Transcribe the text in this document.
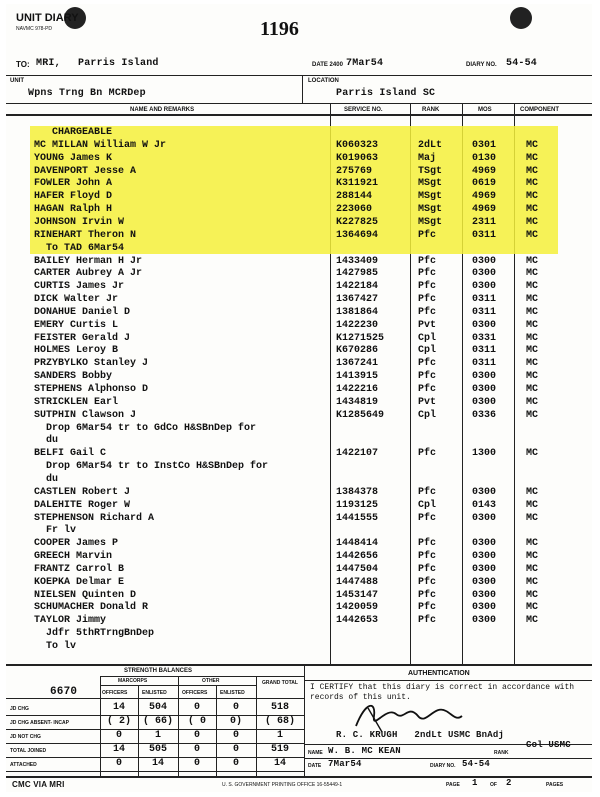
UNIT DIARY
NAVMC 978-PD	1196
TO: MRI, Parris Island	DATE 2400 7Mar54	DIARY NO. 54-54
UNIT
Wpns Trng Bn MCRDep
LOCATION
Parris Island SC
NAME AND REMARKS	SERVICE NO.	RANK	MOS	COMPONENT
CHARGEABLE
MC MILLAN William W Jr	K060323	2dLt	0301	MC
YOUNG James K	K019063	Maj	0130	MC
DAVENPORT Jesse A	275769	TSgt	4969	MC
FOWLER John A	K311921	MSgt	0619	MC
HAFER Floyd D	288144	MSgt	4969	MC
HAGAN Ralph H	223060	MSgt	4969	MC
JOHNSON Irvin W	K227825	MSgt	2311	MC
RINEHART Theron N	1364694	Pfc	0311	MC
To TAD 6Mar54
BAILEY Herman H Jr	1433409	Pfc	0300	MC
CARTER Aubrey A Jr	1427985	Pfc	0300	MC
CURTIS James Jr	1422184	Pfc	0300	MC
DICK Walter Jr	1367427	Pfc	0311	MC
DONAHUE Daniel D	1381864	Pfc	0311	MC
EMERY Curtis L	1422230	Pvt	0300	MC
FEISTER Gerald J	K1271525	Cpl	0331	MC
HOLMES Leroy B	K670286	Cpl	0311	MC
PRZYBYLKO Stanley J	1367241	Pfc	0311	MC
SANDERS Bobby	1413915	Pfc	0300	MC
STEPHENS Alphonso D	1422216	Pfc	0300	MC
STRICKLEN Earl	1434819	Pvt	0300	MC
SUTPHIN Clawson J	K1285649	Cpl	0336	MC
Drop 6Mar54 tr to GdCo H&SBnDep for
du
BELFI Gail C	1422107	Pfc	1300	MC
Drop 6Mar54 tr to InstCo H&SBnDep for
du
CASTLEN Robert J	1384378	Pfc	0300	MC
DALEHITE Roger W	1193125	Cpl	0143	MC
STEPHENSON Richard A	1441555	Pfc	0300	MC
Fr lv
COOPER James P	1448414	Pfc	0300	MC
GREECH Marvin	1442656	Pfc	0300	MC
FRANTZ Carrol B	1447504	Pfc	0300	MC
KOEPKA Delmar E	1447488	Pfc	0300	MC
NIELSEN Quinten D	1453147	Pfc	0300	MC
SCHUMACHER Donald R	1420059	Pfc	0300	MC
TAYLOR Jimmy	1442653	Pfc	0300	MC
Jdfr 5thRTrngBnDep
To lv
STRENGTH BALANCES
6670
MARCORPS	OTHER	GRAND TOTAL
OFFICERS	ENLISTED	OFFICERS	ENLISTED
JD CHG	14	504	0	0	518
JD CHG ABSENT- INCAP	( 2)	( 66)	( 0	0)	( 68)
JD NOT CHG	0	1	0	0	1
TOTAL JOINED	14	505	0	0	519
ATTACHED	0	14	0	0	14
AUTHENTICATION
I CERTIFY that this diary is correct in accordance with records of this unit.
R. C. KRUGH   2ndLt USMC BnAdj
NAME W. B. MC KEAN	RANK
Col USMC
DATE 7Mar54	DIARY NO. 54-54
CMC VIA MRI	U. S. GOVERNMENT PRINTING OFFICE 16-55449-1	PAGE 1 OF 2	PAGES
